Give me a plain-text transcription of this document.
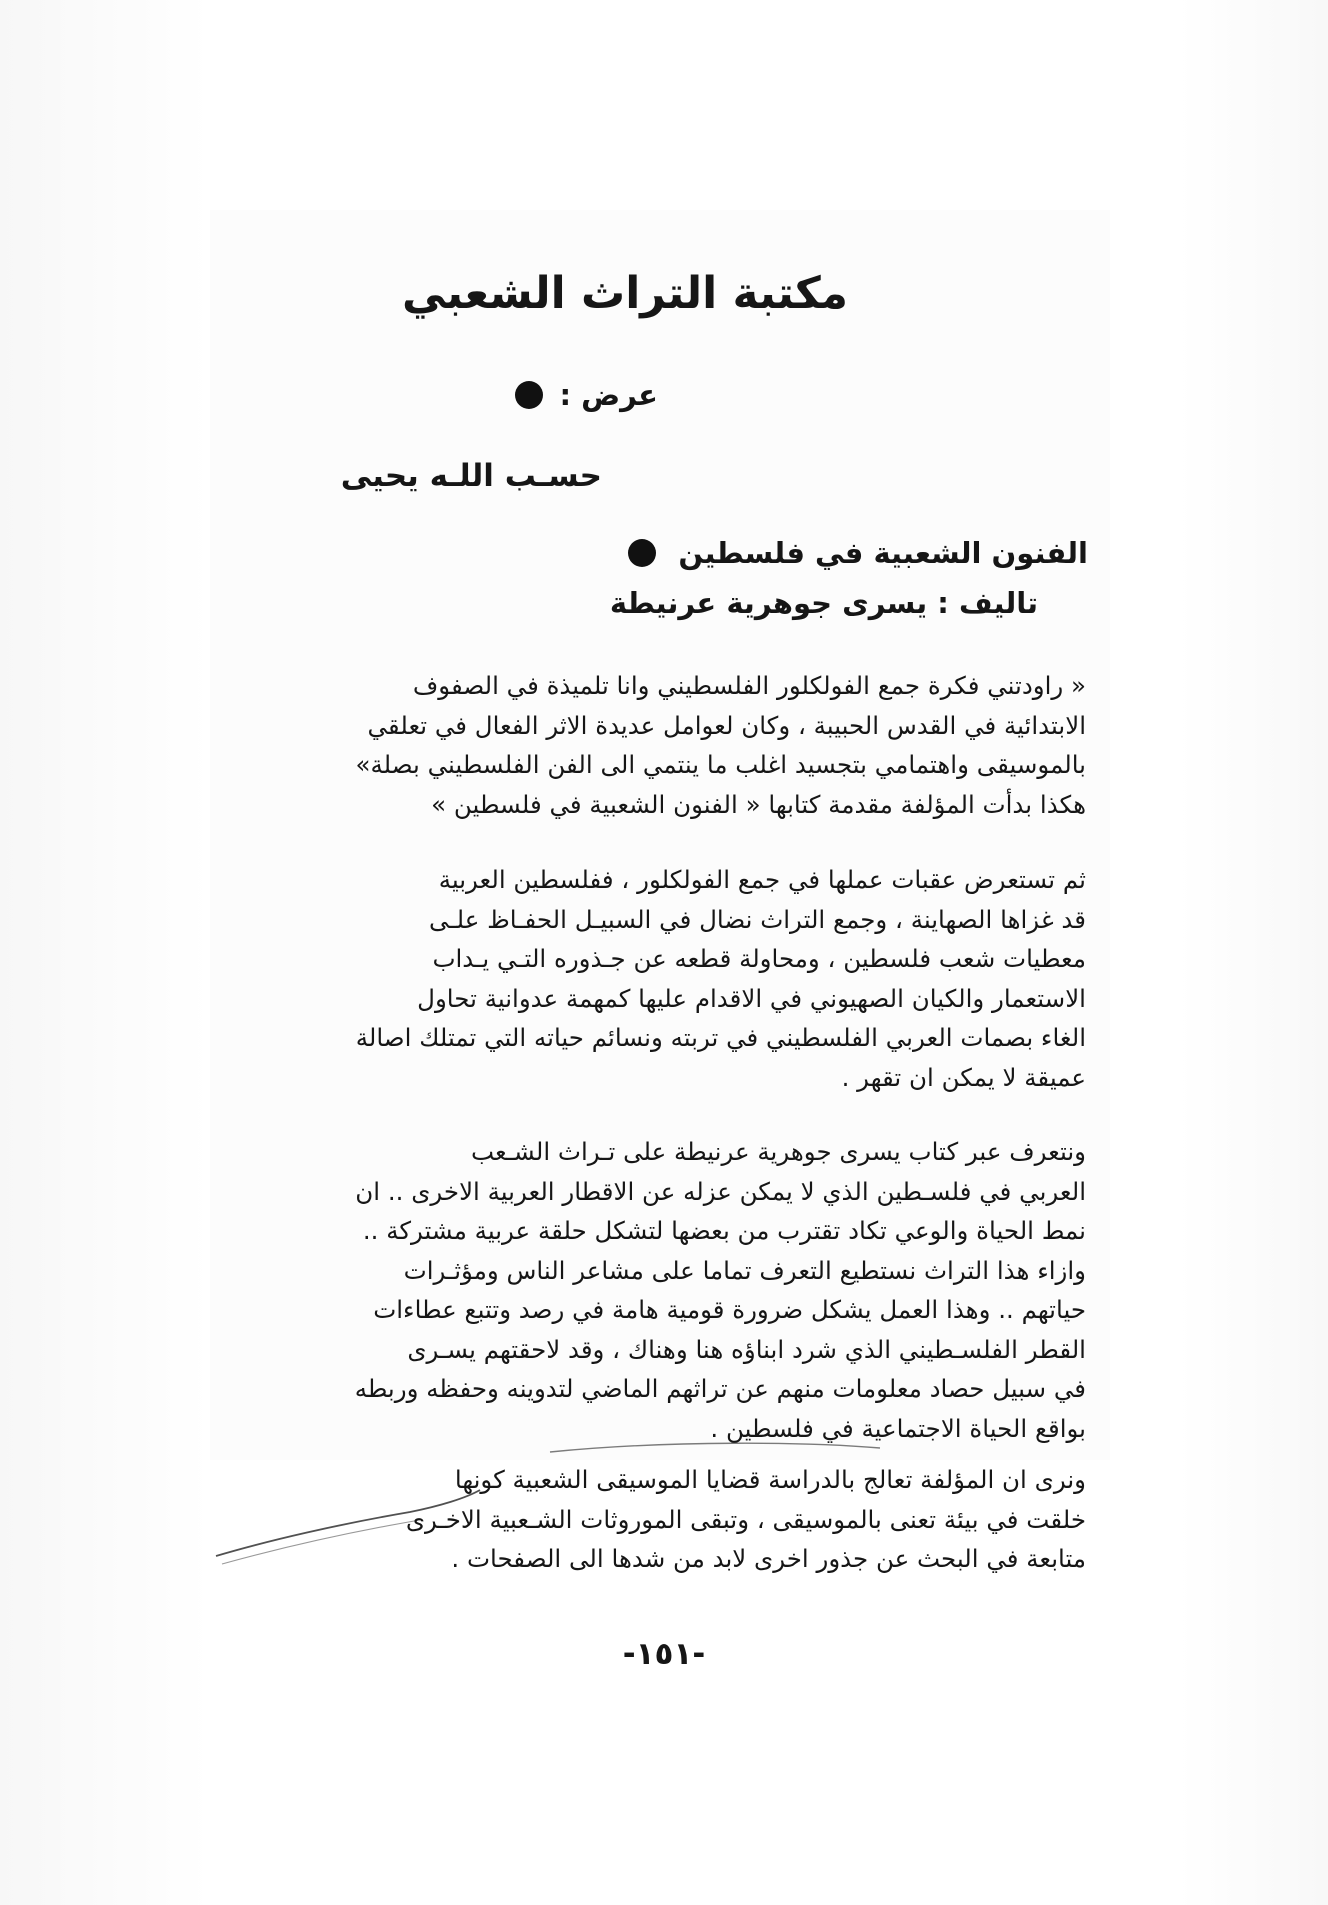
مكتبة التراث الشعبي
عرض :
حسـب اللـه يحيى
الفنون الشعبية في فلسطين
تاليف : يسرى جوهرية عرنيطة
« راودتني فكرة جمع الفولكلور الفلسطيني وانا تلميذة في الصفوف
الابتدائية في القدس الحبيبة ، وكان لعوامل عديدة الاثر الفعال في تعلقي
بالموسيقى واهتمامي بتجسيد اغلب ما ينتمي الى الفن الفلسطيني بصلة»
هكذا بدأت المؤلفة مقدمة كتابها « الفنون الشعبية في فلسطين »
ثم تستعرض عقبات عملها في جمع الفولكلور ، ففلسطين العربية
قد غزاها الصهاينة ، وجمع التراث نضال في السبيـل الحفـاظ علـى
معطيات شعب فلسطين ، ومحاولة قطعه عن جـذوره التـي يـداب
الاستعمار والكيان الصهيوني في الاقدام عليها كمهمة عدوانية تحاول
الغاء بصمات العربي الفلسطيني في تربته ونسائم حياته التي تمتلك اصالة
عميقة لا يمكن ان تقهر .
ونتعرف عبر كتاب يسرى جوهرية عرنيطة على تـراث الشـعب
العربي في فلسـطين الذي لا يمكن عزله عن الاقطار العربية الاخرى .. ان
نمط الحياة والوعي تكاد تقترب من بعضها لتشكل حلقة عربية مشتركة ..
وازاء هذا التراث نستطيع التعرف تماما على مشاعر الناس ومؤثـرات
حياتهم .. وهذا العمل يشكل ضرورة قومية هامة في رصد وتتبع عطاءات
القطر الفلسـطيني الذي شرد ابناؤه هنا وهناك ، وقد لاحقتهم يسـرى
في سبيل حصاد معلومات منهم عن تراثهم الماضي لتدوينه وحفظه وربطه
بواقع الحياة الاجتماعية في فلسطين .
ونرى ان المؤلفة تعالج بالدراسة قضايا الموسيقى الشعبية كونها
خلقت في بيئة تعنى بالموسيقى ، وتبقى الموروثات الشـعبية الاخـرى
متابعة في البحث عن جذور اخرى لابد من شدها الى الصفحات .
-١٥١-
